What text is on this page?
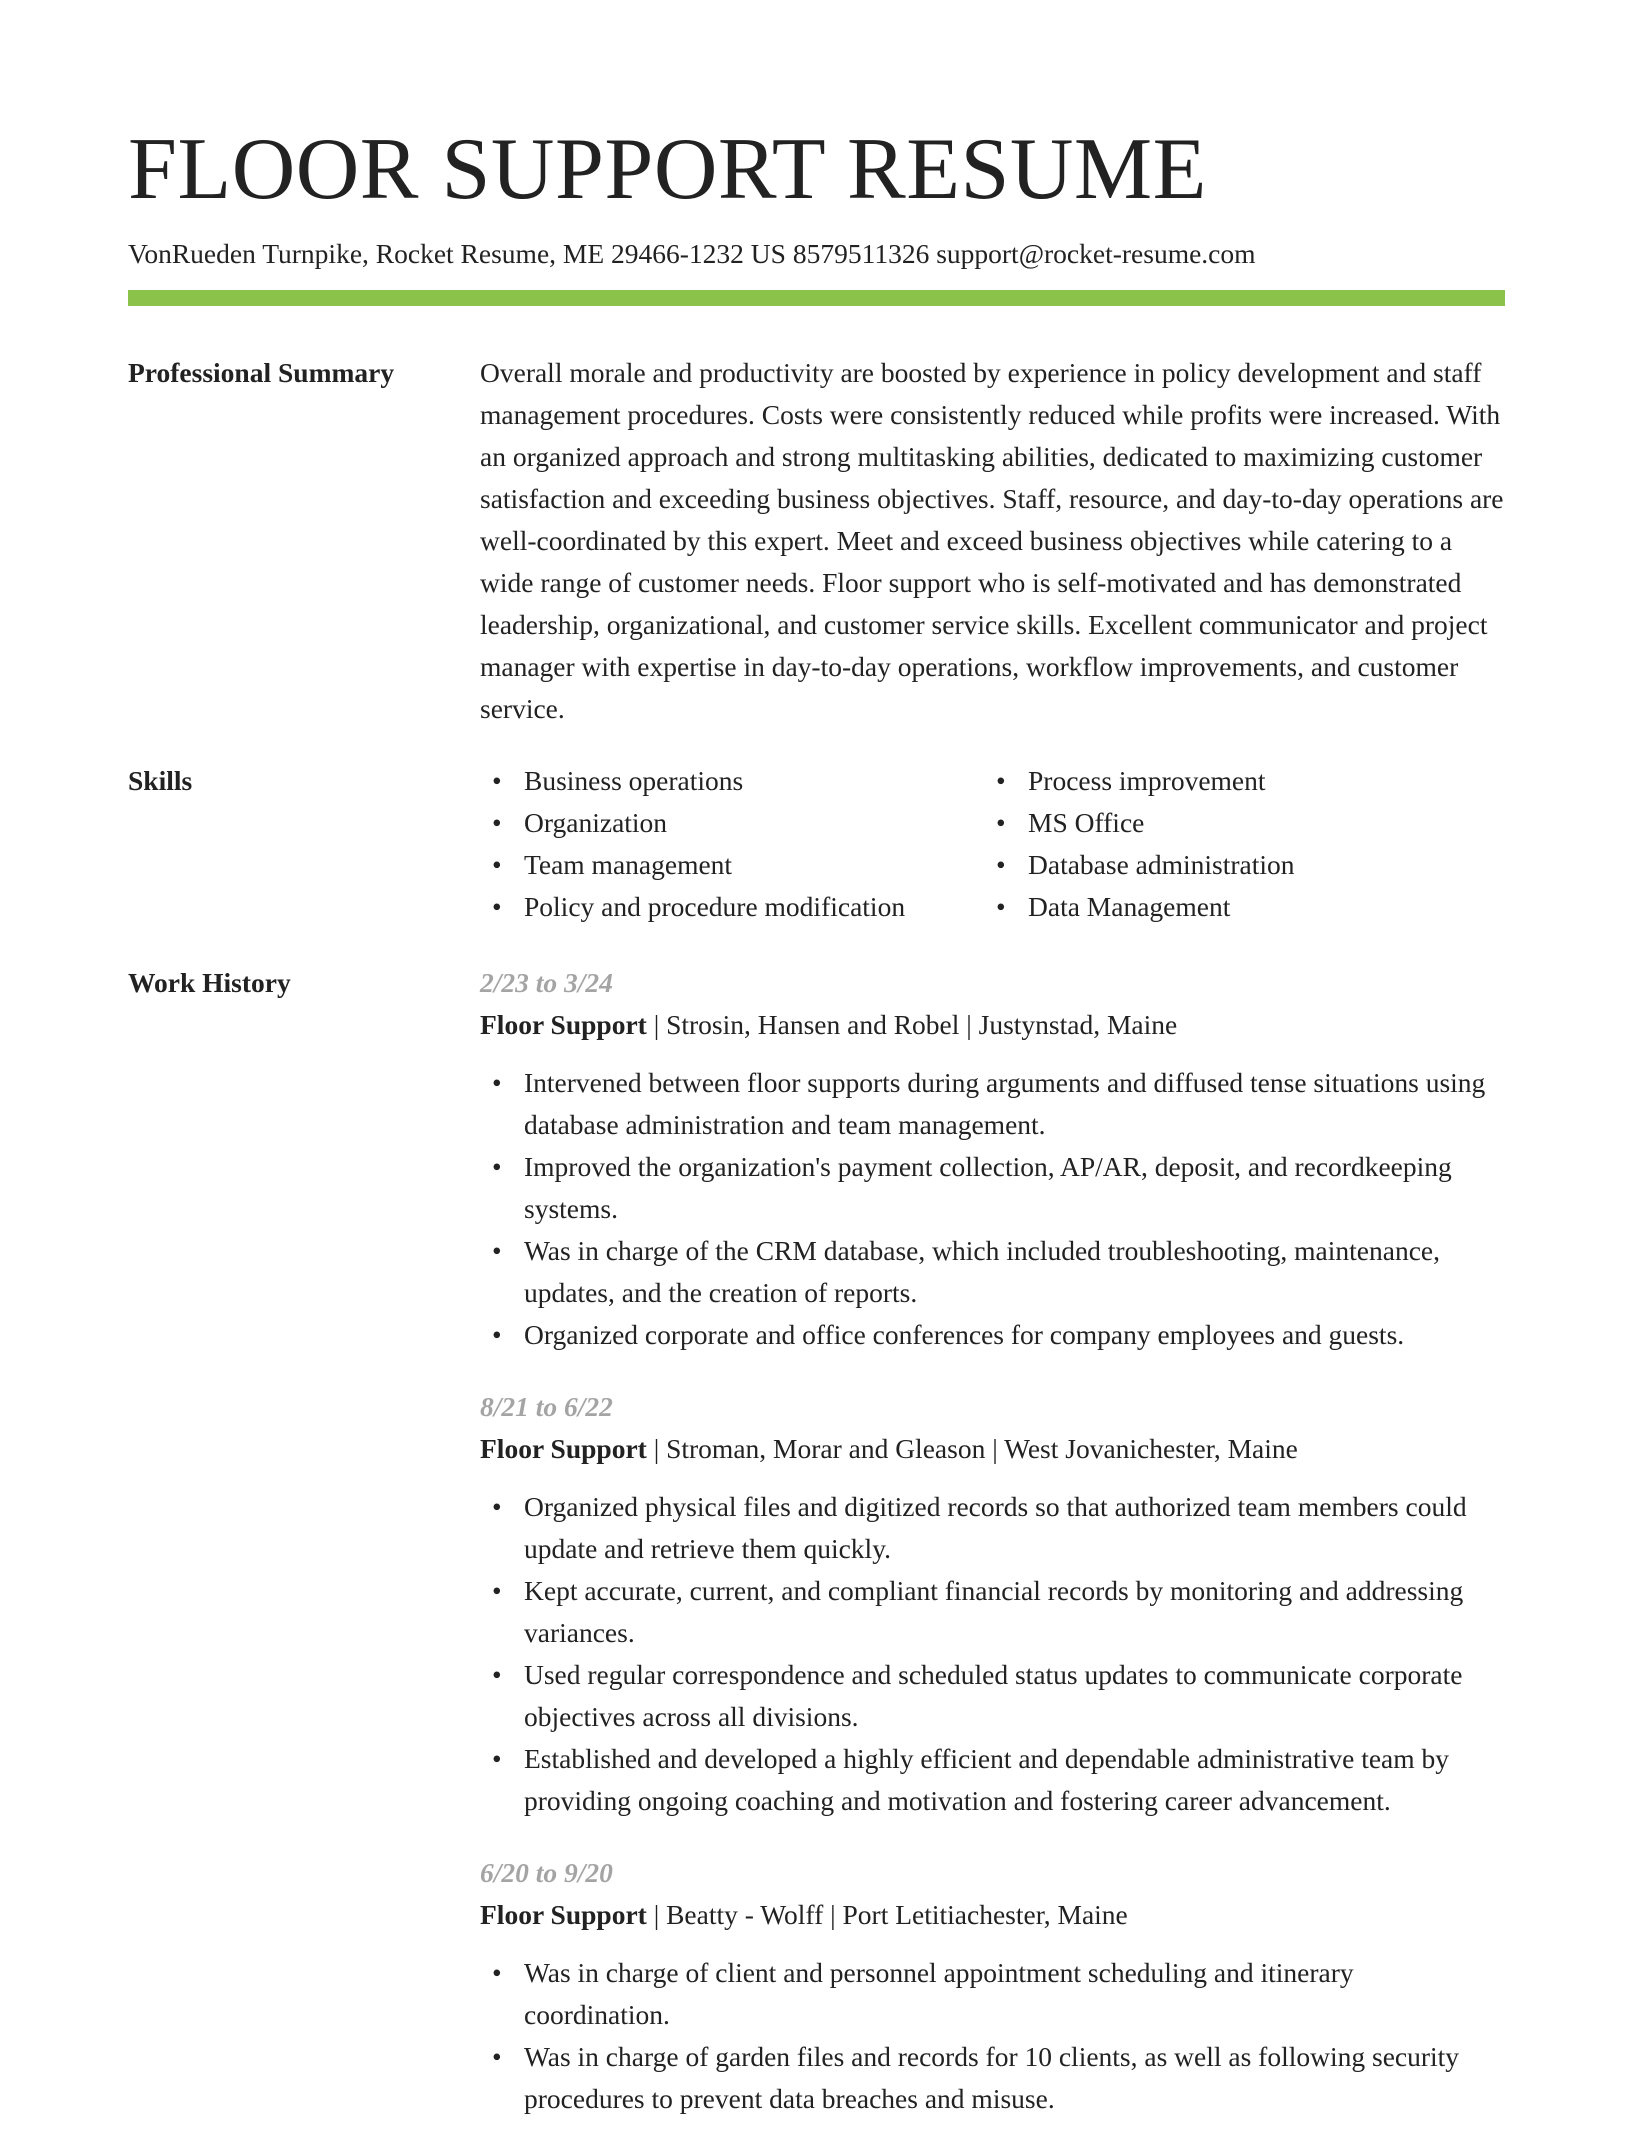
FLOOR SUPPORT RESUME
VonRueden Turnpike, Rocket Resume, ME 29466-1232 US 8579511326 support@rocket-resume.com
Professional Summary	Overall morale and productivity are boosted by experience in policy development and staff management procedures. Costs were consistently reduced while profits were increased. With an organized approach and strong multitasking abilities, dedicated to maximizing customer satisfaction and exceeding business objectives. Staff, resource, and day-to-day operations are well-coordinated by this expert. Meet and exceed business objectives while catering to a wide range of customer needs. Floor support who is self-motivated and has demonstrated leadership, organizational, and customer service skills. Excellent communicator and project manager with expertise in day-to-day operations, workflow improvements, and customer service.

Skills
•	Business operations
• Organization
• Team management
• Policy and procedure modification
• Process improvement
• MS Office
• Database administration
• Data Management
Work History	2/23 to 3/24

Floor Support | Strosin, Hansen and Robel | Justynstad, Maine

• Intervened between floor supports during arguments and diffused tense situations using database administration and team management.
• Improved the organization's payment collection, AP/AR, deposit, and recordkeeping systems.
• Was in charge of the CRM database, which included troubleshooting, maintenance, updates, and the creation of reports.
• Organized corporate and office conferences for company employees and guests.
8/21 to 6/22

Floor Support | Stroman, Morar and Gleason | West Jovanichester, Maine

• Organized physical files and digitized records so that authorized team members could update and retrieve them quickly.
• Kept accurate, current, and compliant financial records by monitoring and addressing variances.
• Used regular correspondence and scheduled status updates to communicate corporate objectives across all divisions.
• Established and developed a highly efficient and dependable administrative team by providing ongoing coaching and motivation and fostering career advancement.
6/20 to 9/20

Floor Support | Beatty - Wolff | Port Letitiachester, Maine

• Was in charge of client and personnel appointment scheduling and itinerary coordination.
• Was in charge of garden files and records for 10 clients, as well as following security procedures to prevent data breaches and misuse.
